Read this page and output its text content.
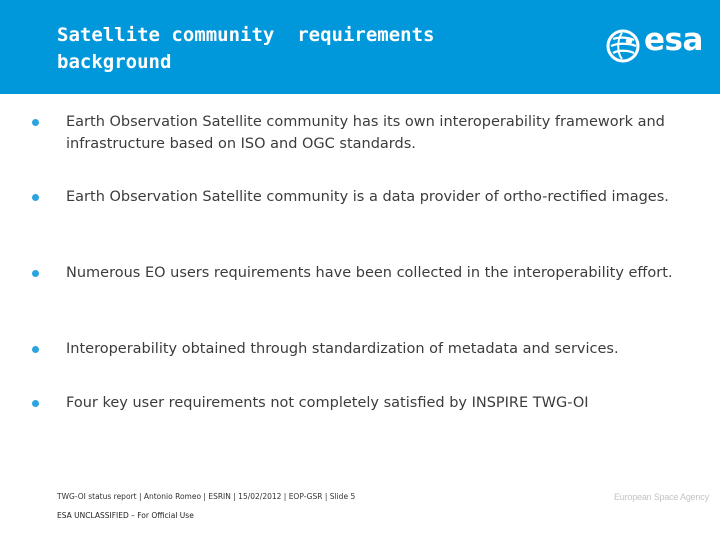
Satellite community  requirements
background
esa
Earth Observation Satellite community has its own interoperability framework and infrastructure based on ISO and OGC standards.
Earth Observation Satellite community is a data provider of ortho-rectified images.
Numerous EO users requirements have been collected in the interoperability effort.
Interoperability obtained through standardization of metadata and services.
Four key user requirements not completely satisfied by INSPIRE TWG-OI
TWG-OI status report | Antonio Romeo | ESRIN | 15/02/2012 | EOP-GSR | Slide 5
ESA UNCLASSIFIED – For Official Use
European Space Agency
